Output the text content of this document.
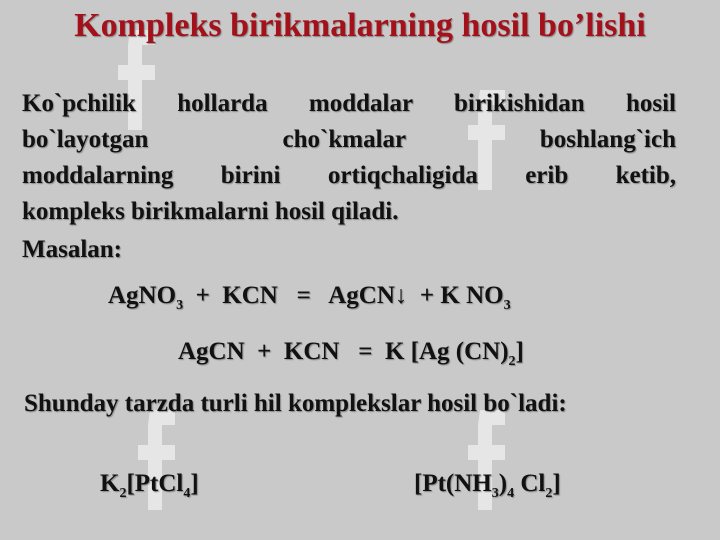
Kompleks birikmalarning hosil bo’lishi
Ko`pchilik hollarda moddalar birikishidan hosil
bo`layotgan cho`kmalar boshlang`ich
moddalarning birini ortiqchaligida erib ketib,
kompleks birikmalarni hosil qiladi.
Masalan:
AgNO$_3$  +  KCN   =   AgCN↓  + K $NO_3$
AgCN  +  KCN   =  K [Ag $(CN)_2$]
Shunday tarzda turli hil komplekslar hosil bo`ladi:
$K_2[PtCl_4]$	[$Pt(NH_3)_4$ $Cl_2$]
